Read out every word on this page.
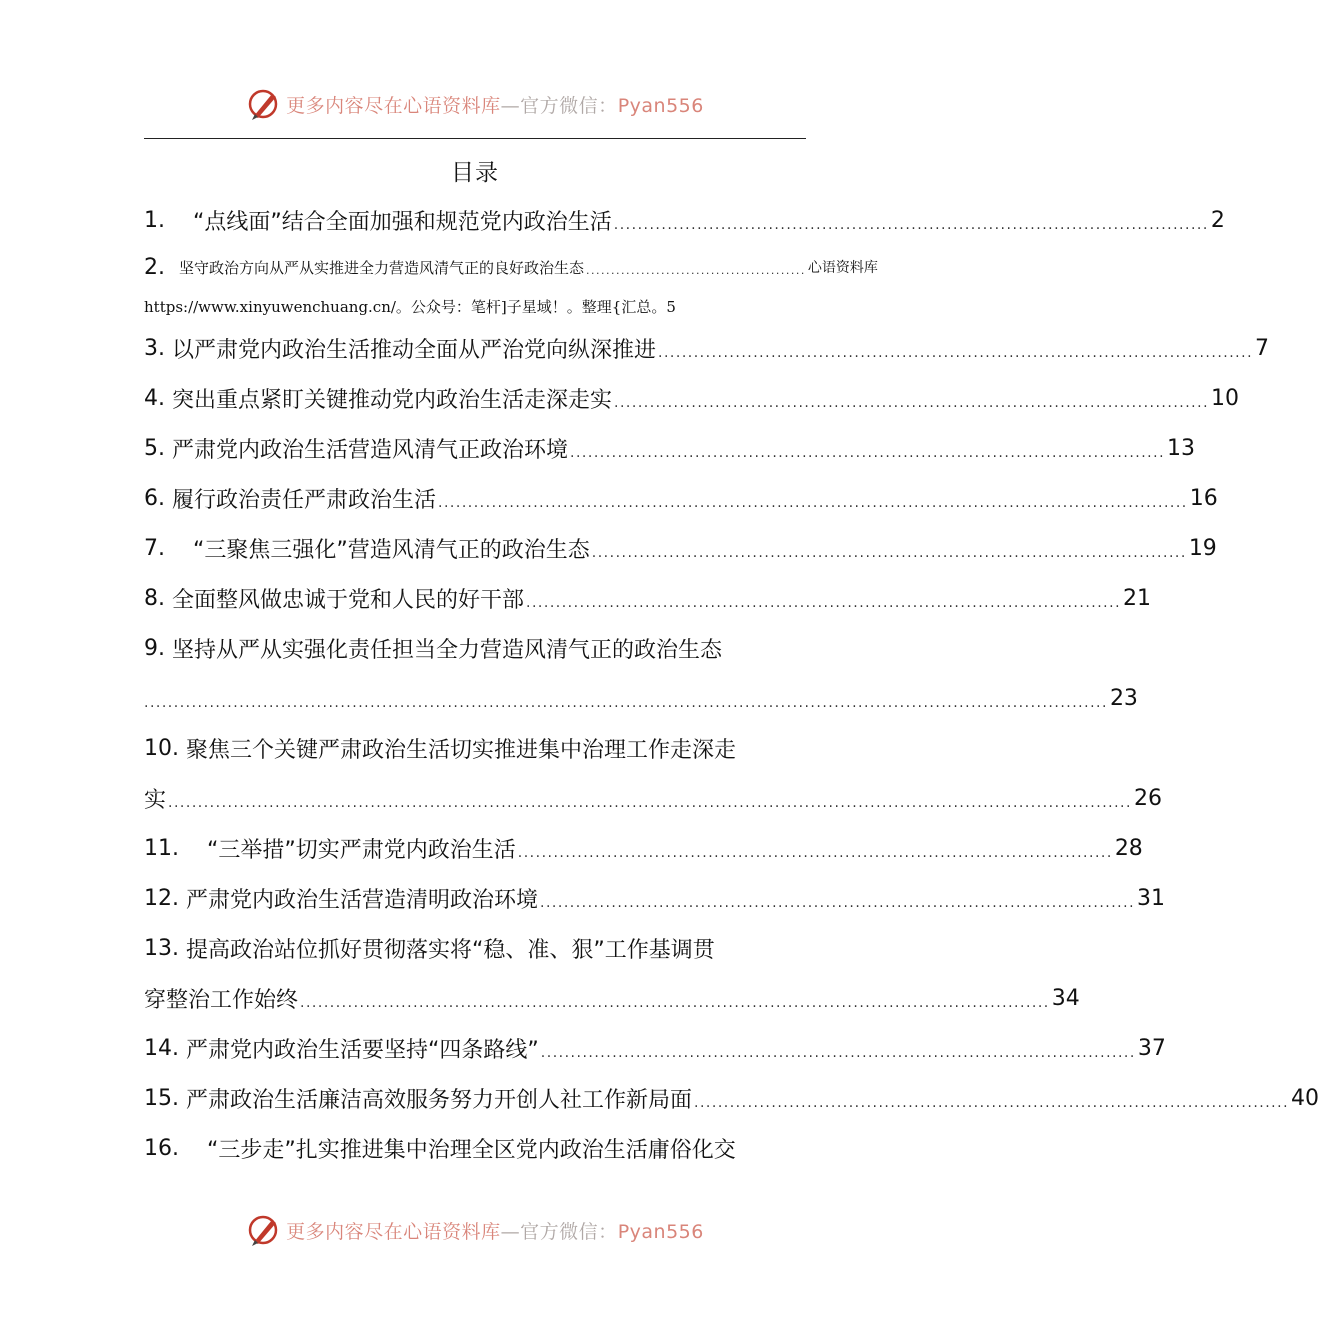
更多内容尽在心语资料库—官方微信：Pyan556
目录
1.
“点线面”结合全面加强和规范党内政治生活 .................................................................................................... 2
2.
坚守政治方向从严从实推进全力营造风清气正的良好政治生态 ............................................ 心语资料库
https://www.xinyuwenchuang.cn/。公众号：笔杆]子星域！。整理{汇总。5
3.
以严肃党内政治生活推动全面从严治党向纵深推进 .................................................................................................... 7
4.
突出重点紧盯关键推动党内政治生活走深走实 .................................................................................................... 10
5.
严肃党内政治生活营造风清气正政治环境 .................................................................................................... 13
6.
履行政治责任严肃政治生活 .............................................................................................................................. 16
7.
“三聚焦三强化”营造风清气正的政治生态 .................................................................................................... 19
8.
全面整风做忠诚于党和人民的好干部 .................................................................................................... 21
9.
坚持从严从实强化责任担当全力营造风清气正的政治生态
.................................................................................................................................................................. 23
10.
聚焦三个关键严肃政治生活切实推进集中治理工作走深走
实 .................................................................................................................................................................. 26
11.
“三举措”切实严肃党内政治生活 .................................................................................................... 28
12.
严肃党内政治生活营造清明政治环境 .................................................................................................... 31
13.
提高政治站位抓好贯彻落实将“稳、准、狠”工作基调贯
穿整治工作始终 .............................................................................................................................. 34
14.
严肃党内政治生活要坚持“四条路线” .................................................................................................... 37
15.
严肃政治生活廉洁高效服务努力开创人社工作新局面 .................................................................................................... 40
16.
“三步走”扎实推进集中治理全区党内政治生活庸俗化交
更多内容尽在心语资料库—官方微信：Pyan556
